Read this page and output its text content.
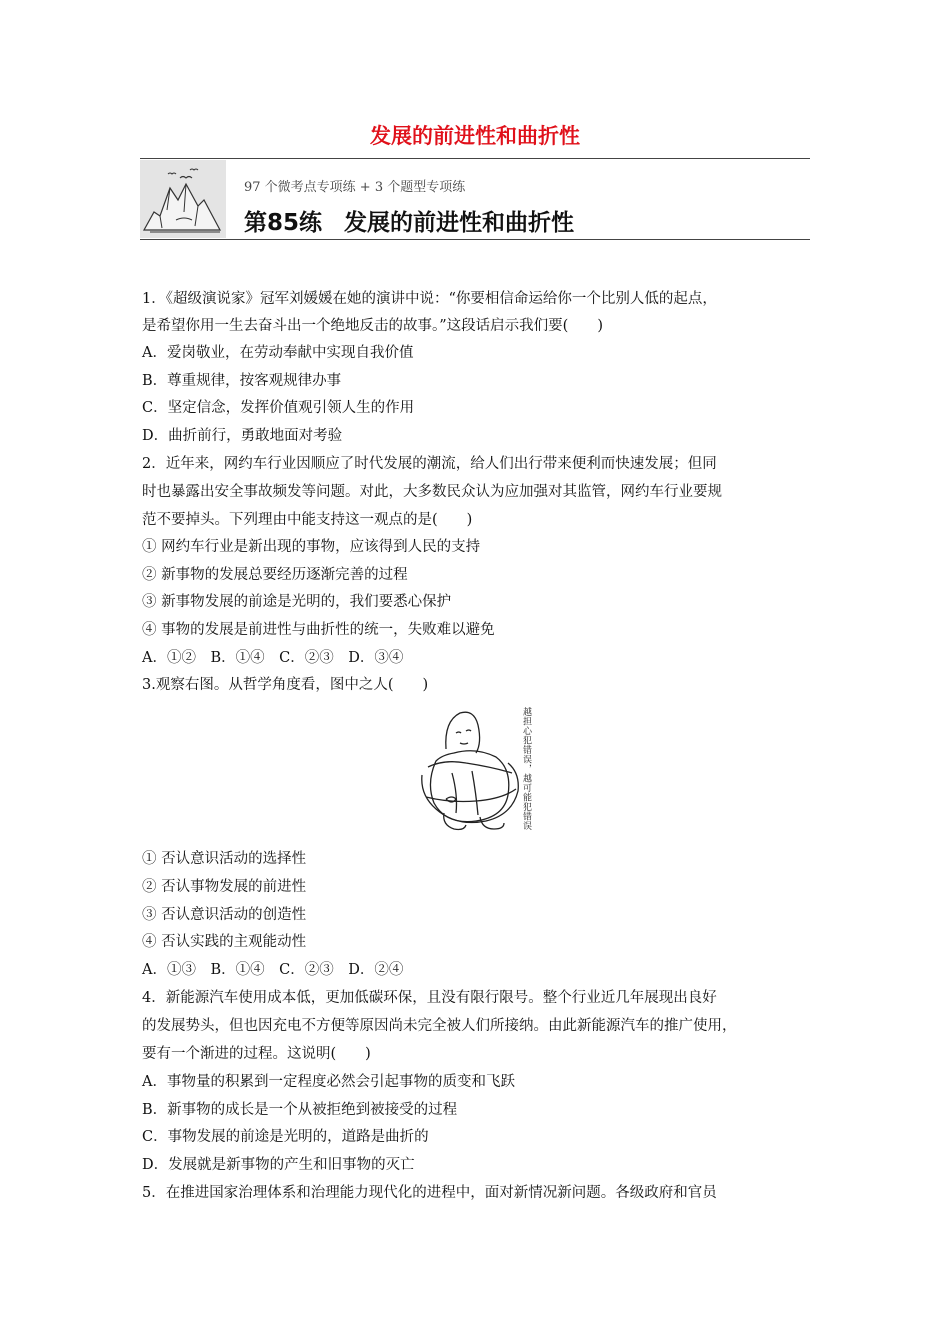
发展的前进性和曲折性
97 个微考点专项练 + 3 个题型专项练
第85练 发展的前进性和曲折性
1．《超级演说家》冠军刘媛媛在她的演讲中说：“你要相信命运给你一个比别人低的起点，
是希望你用一生去奋斗出一个绝地反击的故事。”这段话启示我们要(　　)
A．爱岗敬业，在劳动奉献中实现自我价值
B．尊重规律，按客观规律办事
C．坚定信念，发挥价值观引领人生的作用
D．曲折前行，勇敢地面对考验
2．近年来，网约车行业因顺应了时代发展的潮流，给人们出行带来便利而快速发展；但同
时也暴露出安全事故频发等问题。对此，大多数民众认为应加强对其监管，网约车行业要规
范不要掉头。下列理由中能支持这一观点的是(　　)
① 网约车行业是新出现的事物，应该得到人民的支持
② 新事物的发展总要经历逐渐完善的过程
③ 新事物发展的前途是光明的，我们要悉心保护
④ 事物的发展是前进性与曲折性的统一，失败难以避免
A．①②　B．①④　C．②③　D．③④
3.观察右图。从哲学角度看，图中之人(　　)
越担心犯错误，越可能犯错误
① 否认意识活动的选择性
② 否认事物发展的前进性
③ 否认意识活动的创造性
④ 否认实践的主观能动性
A．①③　B．①④　C．②③　D．②④
4．新能源汽车使用成本低，更加低碳环保，且没有限行限号。整个行业近几年展现出良好
的发展势头，但也因充电不方便等原因尚未完全被人们所接纳。由此新能源汽车的推广使用，
要有一个渐进的过程。这说明(　　)
A．事物量的积累到一定程度必然会引起事物的质变和飞跃
B．新事物的成长是一个从被拒绝到被接受的过程
C．事物发展的前途是光明的，道路是曲折的
D．发展就是新事物的产生和旧事物的灭亡
5．在推进国家治理体系和治理能力现代化的进程中，面对新情况新问题。各级政府和官员
